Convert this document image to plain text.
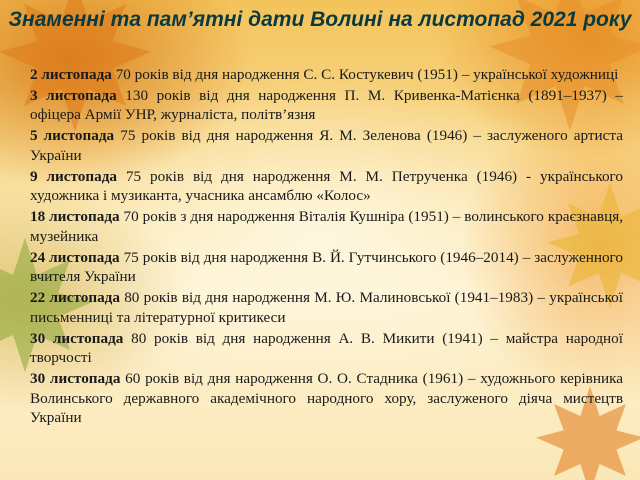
Знаменні та пам’ятні дати Волині на листопад 2021 року
2 листопада 70 років від дня народження С. С. Костукевич (1951) – української художниці
3 листопада 130 років від дня народження П. М. Кривенка-Матієнка (1891–1937) – офіцера Армії УНР, журналіста, політв’язня
5 листопада 75 років від дня народження Я. М. Зеленова (1946) – заслуженого артиста України
9 листопада 75 років від дня народження М. М. Петрученка (1946) - українського художника і музиканта, учасника ансамблю «Колос»
18 листопада 70 років з дня народження Віталія Кушніра (1951) – волинського краєзнавця, музейника
24 листопада 75 років від дня народження В. Й. Гутчинського (1946–2014) – заслуженного вчителя України
22 листопада 80 років від дня народження М. Ю. Малиновської (1941–1983) – української письменниці та літературної критикеси
30 листопада 80 років від дня народження А. В. Микити (1941) – майстра народної творчості
30 листопада 60 років від дня народження О. О. Стадника (1961) – художнього керівника Волинського державного академічного народного хору, заслуженого діяча мистецтв України
